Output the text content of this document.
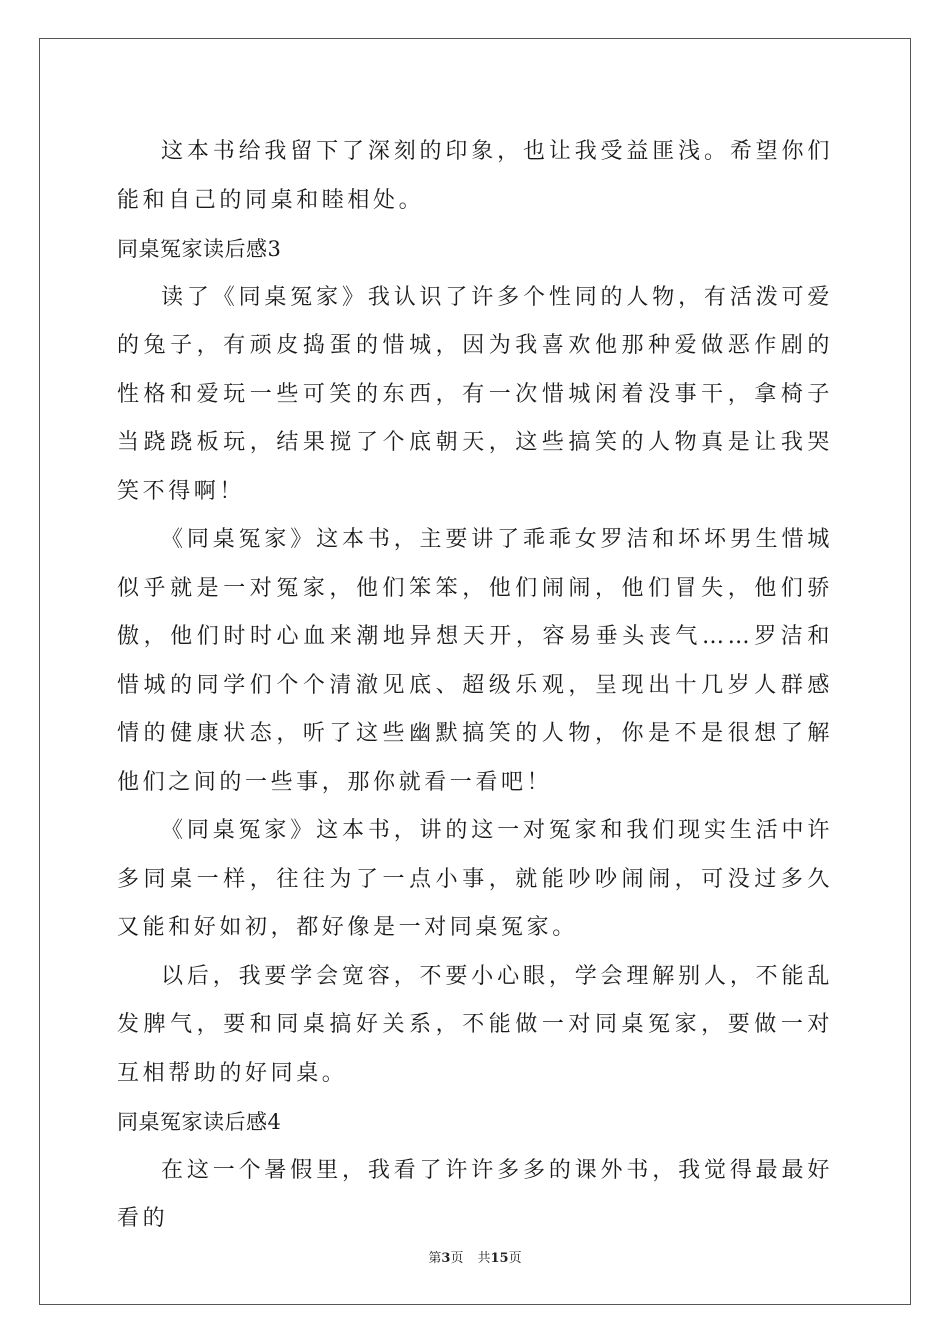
这本书给我留下了深刻的印象，也让我受益匪浅。希望你们能和自己的同桌和睦相处。

同桌冤家读后感3

读了《同桌冤家》我认识了许多个性同的人物，有活泼可爱的兔子，有顽皮捣蛋的惜城，因为我喜欢他那种爱做恶作剧的性格和爱玩一些可笑的东西，有一次惜城闲着没事干，拿椅子当跷跷板玩，结果搅了个底朝天，这些搞笑的人物真是让我哭笑不得啊！

《同桌冤家》这本书，主要讲了乖乖女罗洁和坏坏男生惜城似乎就是一对冤家，他们笨笨，他们闹闹，他们冒失，他们骄傲，他们时时心血来潮地异想天开，容易垂头丧气……罗洁和惜城的同学们个个清澈见底、超级乐观，呈现出十几岁人群感情的健康状态，听了这些幽默搞笑的人物，你是不是很想了解他们之间的一些事，那你就看一看吧！

《同桌冤家》这本书，讲的这一对冤家和我们现实生活中许多同桌一样，往往为了一点小事，就能吵吵闹闹，可没过多久又能和好如初，都好像是一对同桌冤家。

以后，我要学会宽容，不要小心眼，学会理解别人，不能乱发脾气，要和同桌搞好关系，不能做一对同桌冤家，要做一对互相帮助的好同桌。

同桌冤家读后感4

在这一个暑假里，我看了许许多多的课外书，我觉得最最好看的

第3页 共15页
